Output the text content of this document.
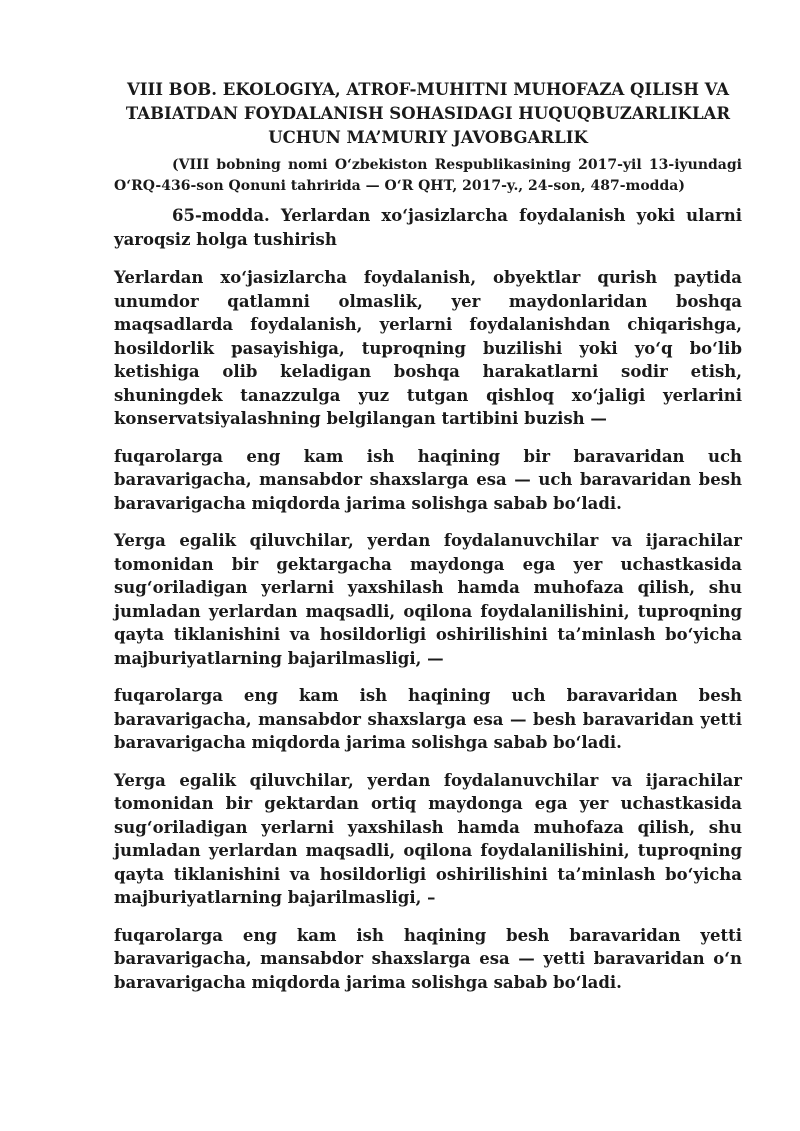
VIII BOB. EKOLOGIYA, ATROF-MUHITNI MUHOFAZA QILISH VA TABIATDAN FOYDALANISH SOHASIDAGI HUQUQBUZARLIKLAR UCHUN MA’MURIY JAVOBGARLIK

(VIII bobning nomi O‘zbekiston Respublikasining 2017-yil 13-iyundagi O‘RQ-436-son Qonuni tahririda — O‘R QHT, 2017-y., 24-son, 487-modda)

65-modda. Yerlardan xo‘jasizlarcha foydalanish yoki ularni yaroqsiz holga tushirish

Yerlardan xo‘jasizlarcha foydalanish, obyektlar qurish paytida unumdor qatlamni olmaslik, yer maydonlaridan boshqa maqsadlarda foydalanish, yerlarni foydalanishdan chiqarishga, hosildorlik pasayishiga, tuproqning buzilishi yoki yo‘q bo‘lib ketishiga olib keladigan boshqa harakatlarni sodir etish, shuningdek tanazzulga yuz tutgan qishloq xo‘jaligi yerlarini konservatsiyalashning belgilangan tartibini buzish —

fuqarolarga eng kam ish haqining bir baravaridan uch baravarigacha, mansabdor shaxslarga esa — uch baravaridan besh baravarigacha miqdorda jarima solishga sabab bo‘ladi.

Yerga egalik qiluvchilar, yerdan foydalanuvchilar va ijarachilar tomonidan bir gektargacha maydonga ega yer uchastkasida sug‘oriladigan yerlarni yaxshilash hamda muhofaza qilish, shu jumladan yerlardan maqsadli, oqilona foydalanilishini, tuproqning qayta tiklanishini va hosildorligi oshirilishini ta’minlash bo‘yicha majburiyatlarning bajarilmasligi, —

fuqarolarga eng kam ish haqining uch baravaridan besh baravarigacha, mansabdor shaxslarga esa — besh baravaridan yetti baravarigacha miqdorda jarima solishga sabab bo‘ladi.

Yerga egalik qiluvchilar, yerdan foydalanuvchilar va ijarachilar tomonidan bir gektardan ortiq maydonga ega yer uchastkasida sug‘oriladigan yerlarni yaxshilash hamda muhofaza qilish, shu jumladan yerlardan maqsadli, oqilona foydalanilishini, tuproqning qayta tiklanishini va hosildorligi oshirilishini ta’minlash bo‘yicha majburiyatlarning bajarilmasligi, –

fuqarolarga eng kam ish haqining besh baravaridan yetti baravarigacha, mansabdor shaxslarga esa — yetti baravaridan o‘n baravarigacha miqdorda jarima solishga sabab bo‘ladi.
